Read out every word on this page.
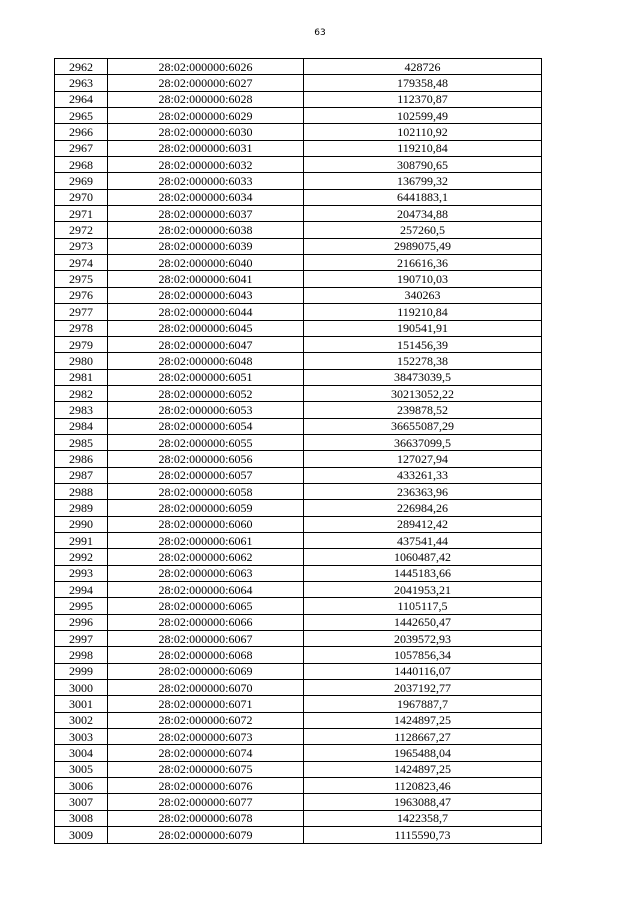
63
2962	28:02:000000:6026	428726
2963	28:02:000000:6027	179358,48
2964	28:02:000000:6028	112370,87
2965	28:02:000000:6029	102599,49
2966	28:02:000000:6030	102110,92
2967	28:02:000000:6031	119210,84
2968	28:02:000000:6032	308790,65
2969	28:02:000000:6033	136799,32
2970	28:02:000000:6034	6441883,1
2971	28:02:000000:6037	204734,88
2972	28:02:000000:6038	257260,5
2973	28:02:000000:6039	2989075,49
2974	28:02:000000:6040	216616,36
2975	28:02:000000:6041	190710,03
2976	28:02:000000:6043	340263
2977	28:02:000000:6044	119210,84
2978	28:02:000000:6045	190541,91
2979	28:02:000000:6047	151456,39
2980	28:02:000000:6048	152278,38
2981	28:02:000000:6051	38473039,5
2982	28:02:000000:6052	30213052,22
2983	28:02:000000:6053	239878,52
2984	28:02:000000:6054	36655087,29
2985	28:02:000000:6055	36637099,5
2986	28:02:000000:6056	127027,94
2987	28:02:000000:6057	433261,33
2988	28:02:000000:6058	236363,96
2989	28:02:000000:6059	226984,26
2990	28:02:000000:6060	289412,42
2991	28:02:000000:6061	437541,44
2992	28:02:000000:6062	1060487,42
2993	28:02:000000:6063	1445183,66
2994	28:02:000000:6064	2041953,21
2995	28:02:000000:6065	1105117,5
2996	28:02:000000:6066	1442650,47
2997	28:02:000000:6067	2039572,93
2998	28:02:000000:6068	1057856,34
2999	28:02:000000:6069	1440116,07
3000	28:02:000000:6070	2037192,77
3001	28:02:000000:6071	1967887,7
3002	28:02:000000:6072	1424897,25
3003	28:02:000000:6073	1128667,27
3004	28:02:000000:6074	1965488,04
3005	28:02:000000:6075	1424897,25
3006	28:02:000000:6076	1120823,46
3007	28:02:000000:6077	1963088,47
3008	28:02:000000:6078	1422358,7
3009	28:02:000000:6079	1115590,73
